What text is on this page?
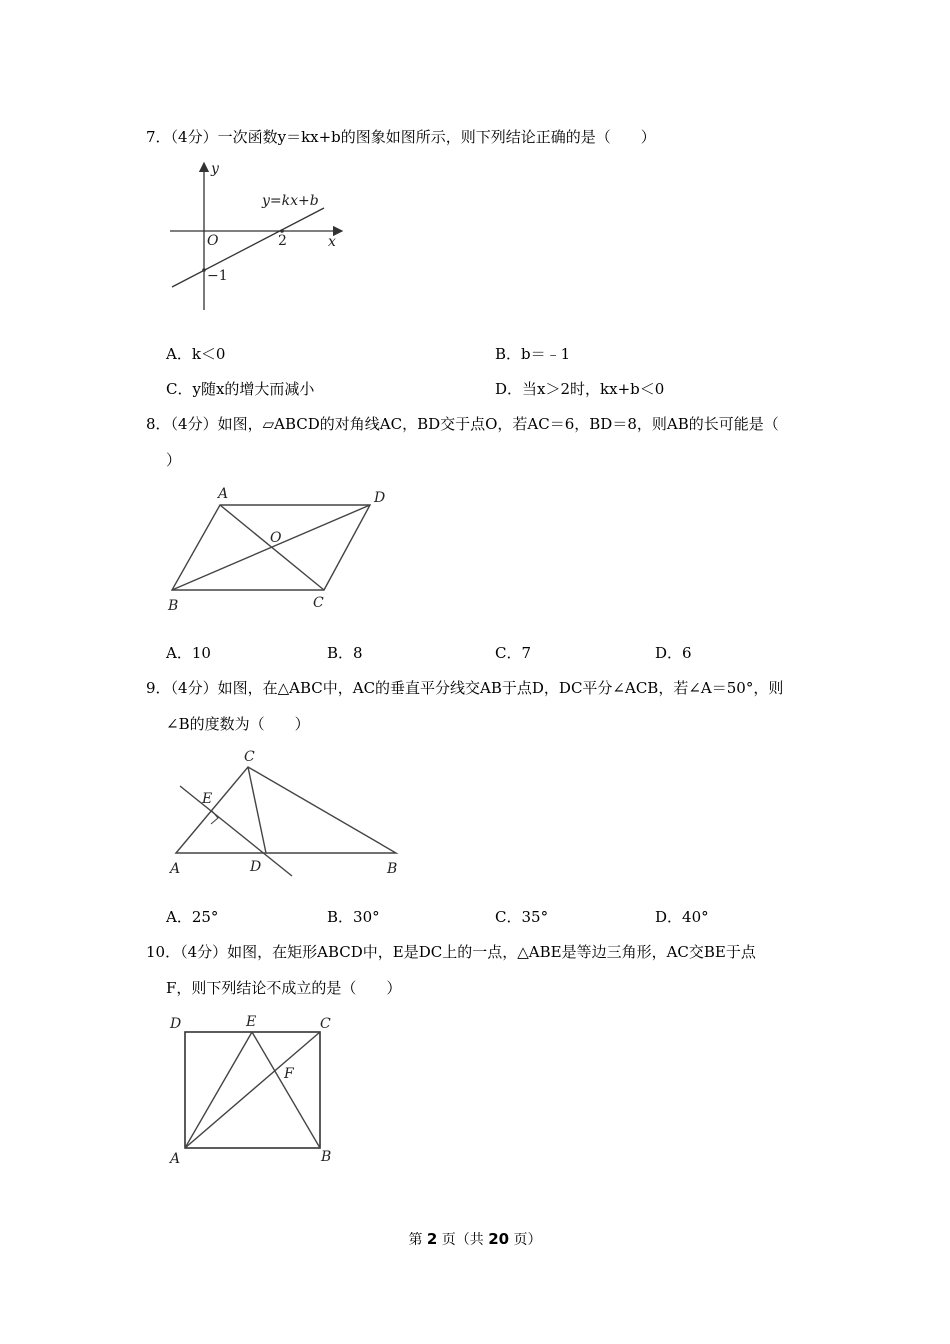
7．（4分）一次函数y＝kx+b的图象如图所示，则下列结论正确的是（　　）
y
x
O	2
−1
y=kx+b
A．k＜0	B．b＝﹣1
C．y随x的增大而减小	D．当x＞2时，kx+b＜0
8．（4分）如图，▱ABCD的对角线AC，BD交于点O，若AC＝6，BD＝8，则AB的长可能是（
）
A	D
B	C
O
A．10	B．8	C．7	D．6
9．（4分）如图，在△ABC中，AC的垂直平分线交AB于点D，DC平分∠ACB，若∠A＝50°，则
∠B的度数为（　　）
C
E
A	D	B
A．25°	B．30°	C．35°	D．40°
10．（4分）如图，在矩形ABCD中，E是DC上的一点，△ABE是等边三角形，AC交BE于点
F，则下列结论不成立的是（　　）
D	E	C
F
A	B
第 2 页（共 20 页）
